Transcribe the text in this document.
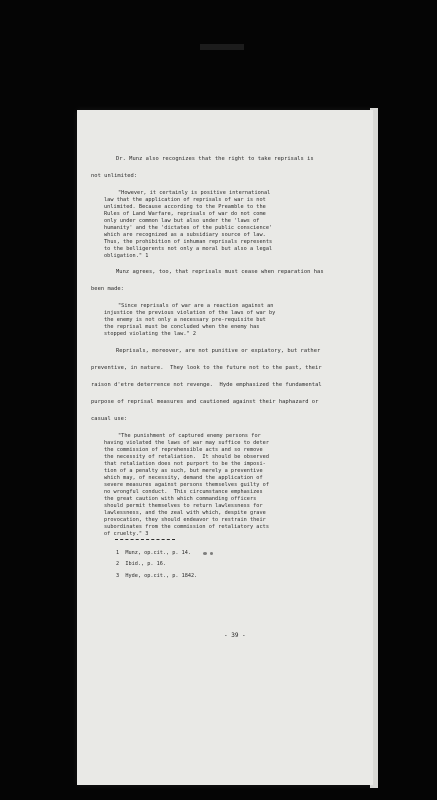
Dr. Munz also recognizes that the right to take reprisals is
not unlimited:
"However, it certainly is positive international
law that the application of reprisals of war is not
unlimited. Because according to the Preamble to the
Rules of Land Warfare, reprisals of war do not come
only under common law but also under the 'laws of
humanity' and the 'dictates of the public conscience'
which are recognized as a subsidiary source of law.
Thus, the prohibition of inhuman reprisals represents
to the belligerents not only a moral but also a legal
obligation." 1
Munz agrees, too, that reprisals must cease when reparation has
been made:
"Since reprisals of war are a reaction against an
injustice the previous violation of the laws of war by
the enemy is not only a necessary pre-requisite but
the reprisal must be concluded when the enemy has
stopped violating the law." 2
Reprisals, moreover, are not punitive or expiatory, but rather
preventive, in nature.  They look to the future not to the past, their
raison d'etre deterrence not revenge.  Hyde emphasized the fundamental
purpose of reprisal measures and cautioned against their haphazard or
casual use:
"The punishment of captured enemy persons for
having violated the laws of war may suffice to deter
the commission of reprehensible acts and so remove
the necessity of retaliation.  It should be observed
that retaliation does not purport to be the imposi-
tion of a penalty as such, but merely a preventive
which may, of necessity, demand the application of
severe measures against persons themselves guilty of
no wrongful conduct.  This circumstance emphasizes
the great caution with which commanding officers
should permit themselves to return lawlessness for
lawlessness, and the zeal with which, despite grave
provocation, they should endeavor to restrain their
subordinates from the commission of retaliatory acts
of cruelty." 3
1  Munz, op.cit., p. 14.
2  Ibid., p. 16.
3  Hyde, op.cit., p. 1842.
- 39 -
